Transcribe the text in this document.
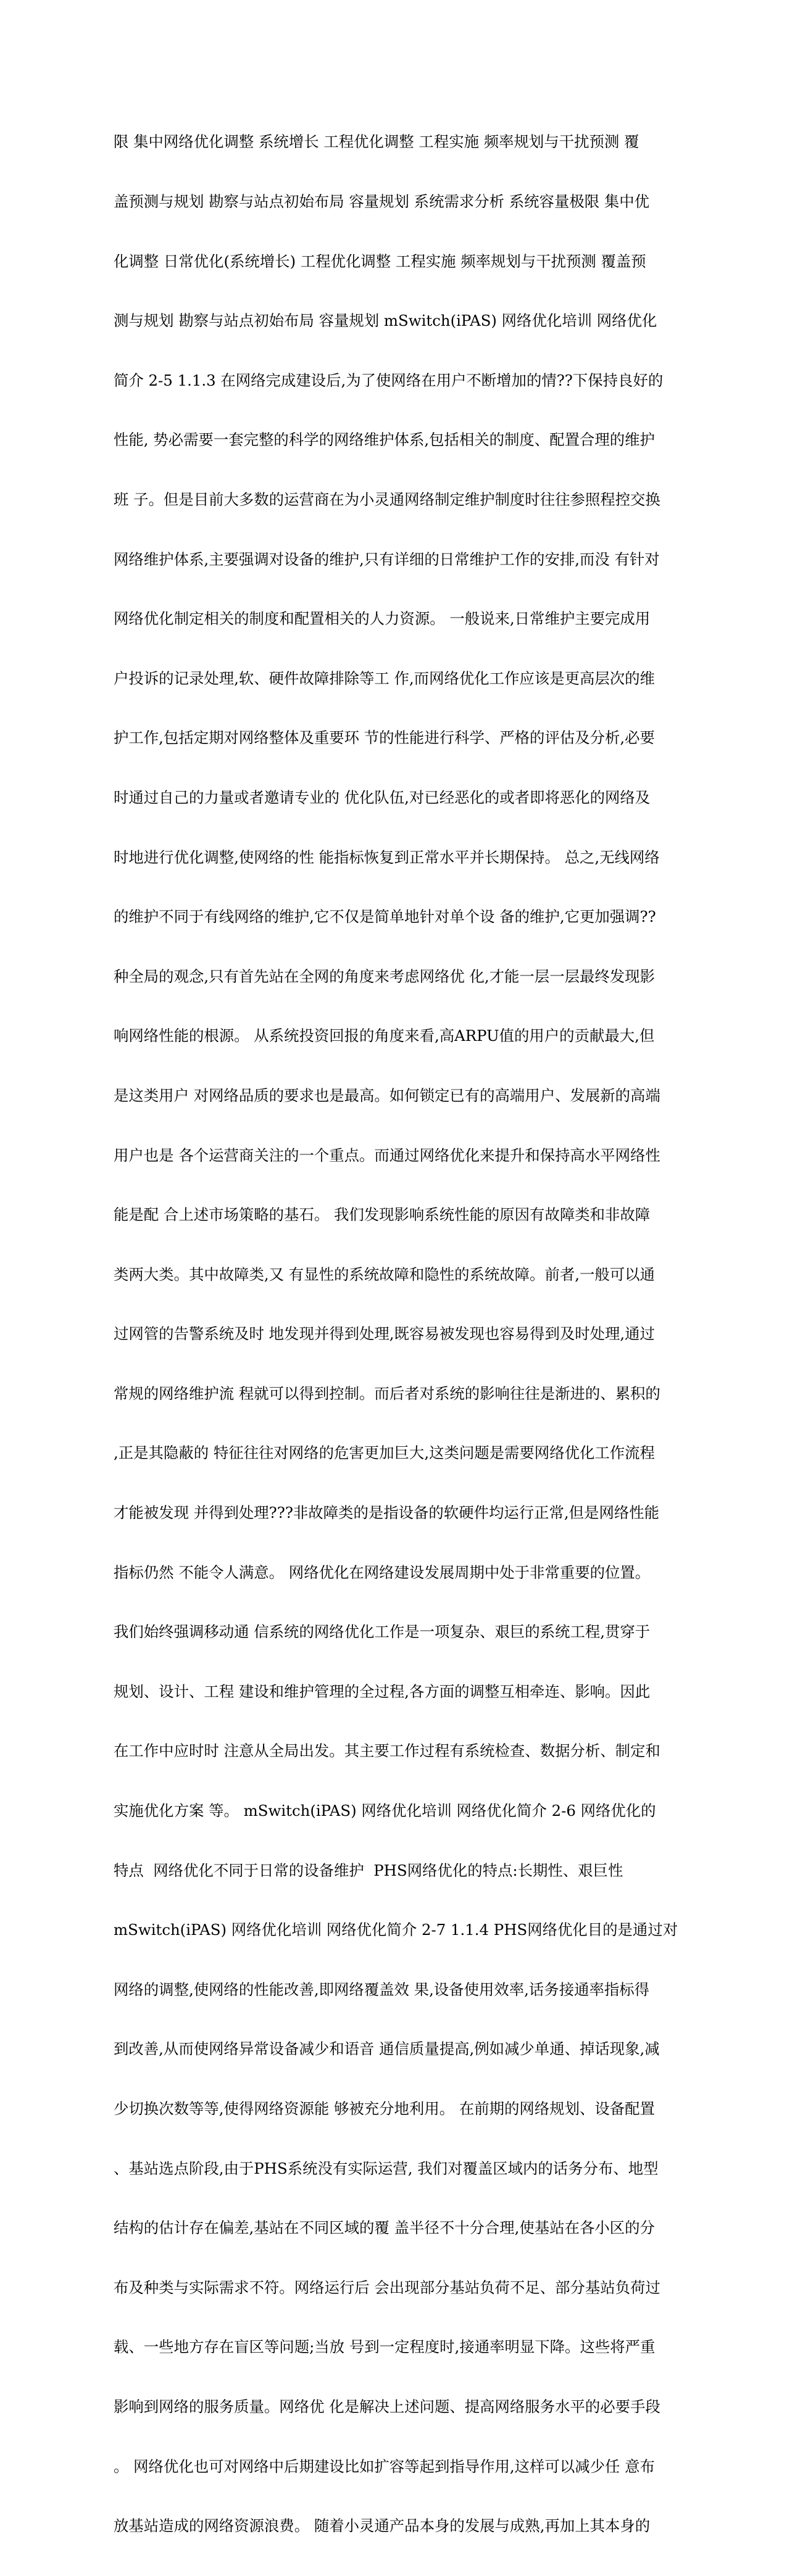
限 集中网络优化调整 系统增长 工程优化调整 工程实施 频率规划与干扰预测 覆

盖预测与规划 勘察与站点初始布局 容量规划 系统需求分析 系统容量极限 集中优

化调整 日常优化(系统增长) 工程优化调整 工程实施 频率规划与干扰预测 覆盖预

测与规划 勘察与站点初始布局 容量规划 mSwitch(iPAS) 网络优化培训 网络优化

简介 2-5 1.1.3 在网络完成建设后,为了使网络在用户不断增加的情??下保持良好的

性能, 势必需要一套完整的科学的网络维护体系,包括相关的制度、配置合理的维护

班 子。但是目前大多数的运营商在为小灵通网络制定维护制度时往往参照程控交换

网络维护体系,主要强调对设备的维护,只有详细的日常维护工作的安排,而没 有针对

网络优化制定相关的制度和配置相关的人力资源。 一般说来,日常维护主要完成用

户投诉的记录处理,软、硬件故障排除等工 作,而网络优化工作应该是更高层次的维

护工作,包括定期对网络整体及重要环 节的性能进行科学、严格的评估及分析,必要

时通过自己的力量或者邀请专业的 优化队伍,对已经恶化的或者即将恶化的网络及

时地进行优化调整,使网络的性 能指标恢复到正常水平并长期保持。 总之,无线网络

的维护不同于有线网络的维护,它不仅是简单地针对单个设 备的维护,它更加强调??

种全局的观念,只有首先站在全网的角度来考虑网络优 化,才能一层一层最终发现影

响网络性能的根源。 从系统投资回报的角度来看,高ARPU值的用户的贡献最大,但

是这类用户 对网络品质的要求也是最高。如何锁定已有的高端用户、发展新的高端

用户也是 各个运营商关注的一个重点。而通过网络优化来提升和保持高水平网络性

能是配 合上述市场策略的基石。 我们发现影响系统性能的原因有故障类和非故障

类两大类。其中故障类,又 有显性的系统故障和隐性的系统故障。前者,一般可以通

过网管的告警系统及时 地发现并得到处理,既容易被发现也容易得到及时处理,通过

常规的网络维护流 程就可以得到控制。而后者对系统的影响往往是渐进的、累积的

,正是其隐蔽的 特征往往对网络的危害更加巨大,这类问题是需要网络优化工作流程

才能被发现 并得到处理???非故障类的是指设备的软硬件均运行正常,但是网络性能

指标仍然 不能令人满意。 网络优化在网络建设发展周期中处于非常重要的位置。

我们始终强调移动通 信系统的网络优化工作是一项复杂、艰巨的系统工程,贯穿于

规划、设计、工程 建设和维护管理的全过程,各方面的调整互相牵连、影响。因此

在工作中应时时 注意从全局出发。其主要工作过程有系统检查、数据分析、制定和

实施优化方案 等。 mSwitch(iPAS) 网络优化培训 网络优化简介 2-6 网络优化的

特点  网络优化不同于日常的设备维护  PHS网络优化的特点:长期性、艰巨性

mSwitch(iPAS) 网络优化培训 网络优化简介 2-7 1.1.4 PHS网络优化目的是通过对

网络的调整,使网络的性能改善,即网络覆盖效 果,设备使用效率,话务接通率指标得

到改善,从而使网络异常设备减少和语音 通信质量提高,例如减少单通、掉话现象,减

少切换次数等等,使得网络资源能 够被充分地利用。 在前期的网络规划、设备配置

、基站选点阶段,由于PHS系统没有实际运营, 我们对覆盖区域内的话务分布、地型

结构的估计存在偏差,基站在不同区域的覆 盖半径不十分合理,使基站在各小区的分

布及种类与实际需求不符。网络运行后 会出现部分基站负荷不足、部分基站负荷过

载、一些地方存在盲区等问题;当放 号到一定程度时,接通率明显下降。这些将严重

影响到网络的服务质量。网络优 化是解决上述问题、提高网络服务水平的必要手段

。 网络优化也可对网络中后期建设比如扩容等起到指导作用,这样可以减少任 意布

放基站造成的网络资源浪费。 随着小灵通产品本身的发展与成熟,再加上其本身的
